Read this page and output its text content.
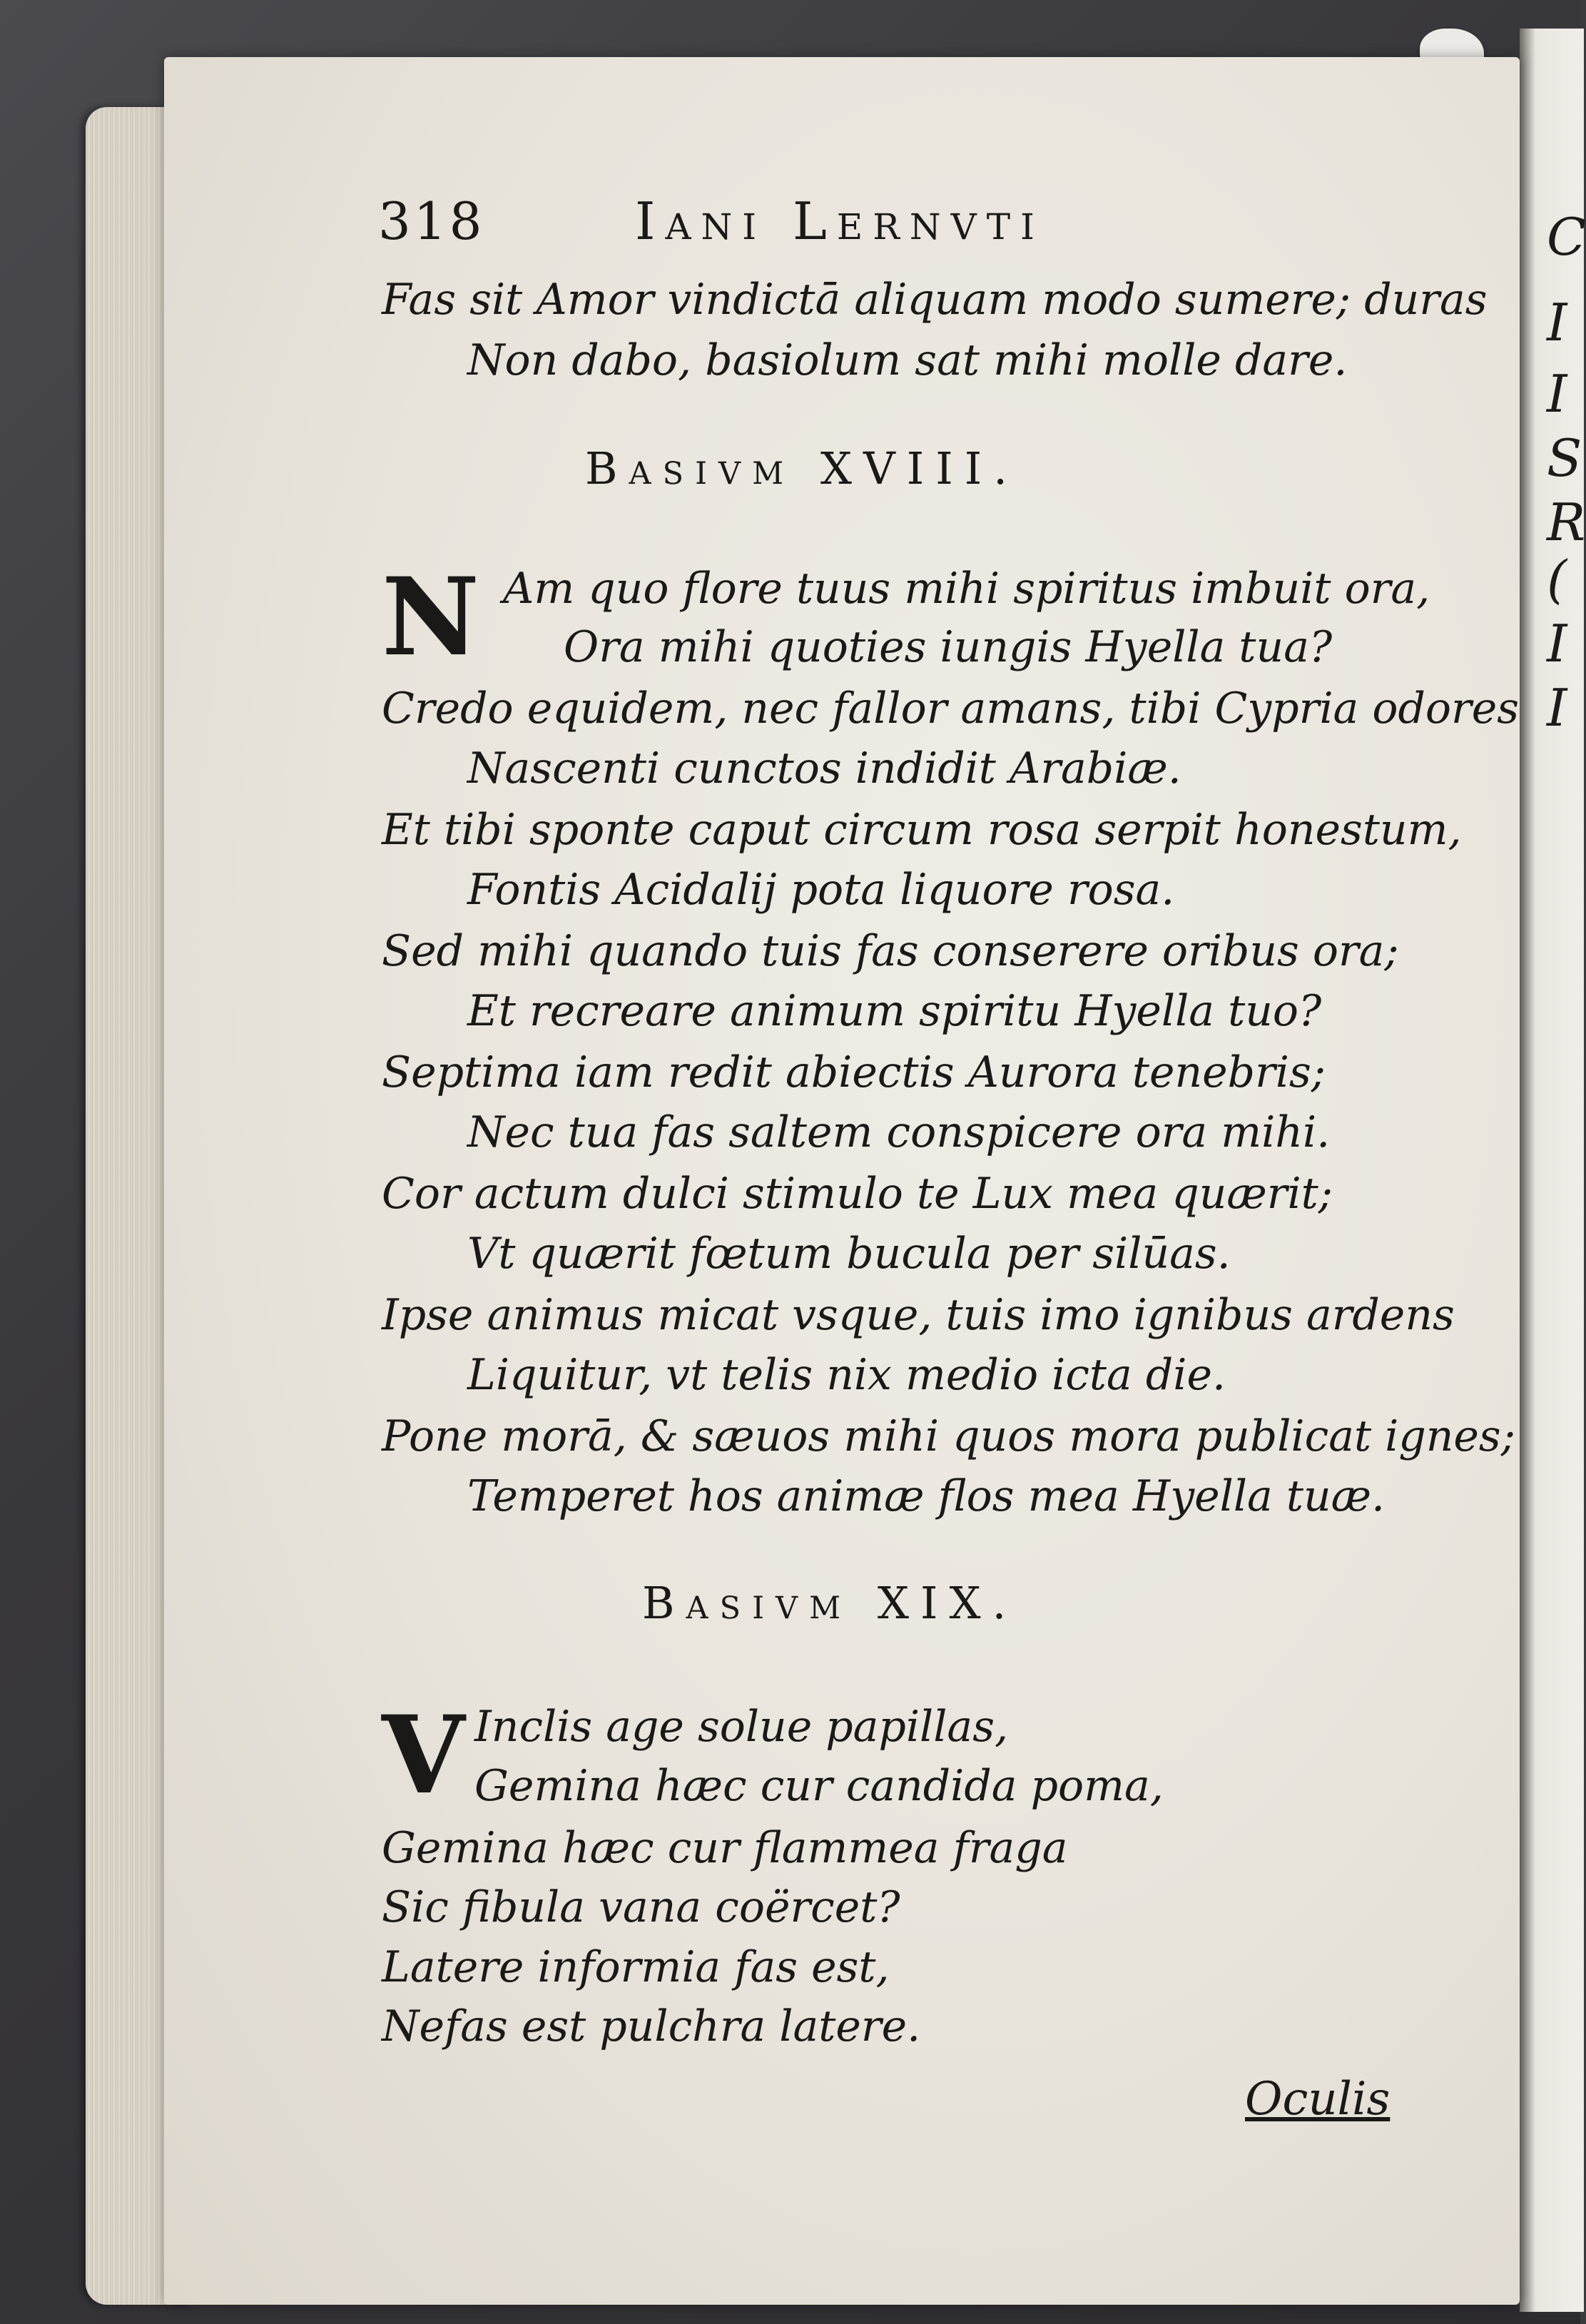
C
I
I
S
R
(
I
I
318	Iani Lernvti
Fas sit Amor vindictā aliquam modo sumere; duras
Non dabo, basiolum sat mihi molle dare.
Basivm XVIII.
N Am quo flore tuus mihi spiritus imbuit ora,
Ora mihi quoties iungis Hyella tua?
Credo equidem, nec fallor amans, tibi Cypria odores
Nascenti cunctos indidit Arabiæ.
Et tibi sponte caput circum rosa serpit honestum,
Fontis Acidalij pota liquore rosa.
Sed mihi quando tuis fas conserere oribus ora;
Et recreare animum spiritu Hyella tuo?
Septima iam redit abiectis Aurora tenebris;
Nec tua fas saltem conspicere ora mihi.
Cor actum dulci stimulo te Lux mea quærit;
Vt quærit fœtum bucula per silūas.
Ipse animus micat vsque, tuis imo ignibus ardens
Liquitur, vt telis nix medio icta die.
Pone morā, & sæuos mihi quos mora publicat ignes;
Temperet hos animæ flos mea Hyella tuæ.
Basivm XIX.
V Inclis age solue papillas,
Gemina hæc cur candida poma,
Gemina hæc cur flammea fraga
Sic fibula vana coërcet?
Latere informia fas est,
Nefas est pulchra latere.
Oculis
